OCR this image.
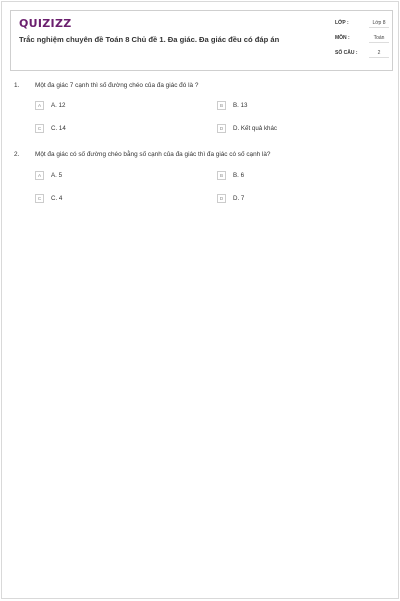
QUIZIZZ
Trắc nghiệm chuyên đề Toán 8 Chủ đề 1. Đa giác. Đa giác đều có đáp án
LỚP :	Lớp 8
MÔN :	Toán
SỐ CÂU :	2
1. Một đa giác 7 cạnh thì số đường chéo của đa giác đó là ?
A	A. 12	B	B. 13
C	C. 14	D	D. Kết quả khác
2. Một đa giác có số đường chéo bằng số cạnh của đa giác thì đa giác có số cạnh là?
A	A. 5	B	B. 6
C	C. 4	D	D. 7
